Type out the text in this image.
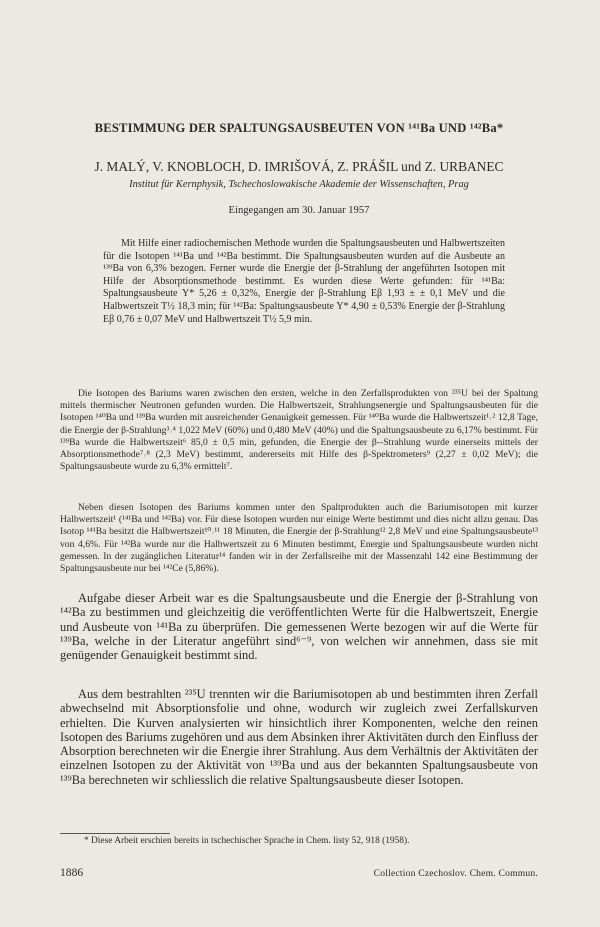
BESTIMMUNG DER SPALTUNGSAUSBEUTEN VON ¹⁴¹Ba UND ¹⁴²Ba*
J. MALÝ, V. KNOBLOCH, D. IMRIŠOVÁ, Z. PRÁŠIL und Z. URBANEC
Institut für Kernphysik, Tschechoslowakische Akademie der Wissenschaften, Prag
Eingegangen am 30. Januar 1957

Mit Hilfe einer radiochemischen Methode wurden die Spaltungsausbeuten und Halbwertszeiten für die Isotopen ¹⁴¹Ba und ¹⁴²Ba bestimmt. Die Spaltungsausbeuten wurden auf die Ausbeute an ¹³⁹Ba von 6,3% bezogen. Ferner wurde die Energie der β-Strahlung der angeführten Isotopen mit Hilfe der Absorptionsmethode bestimmt. Es wurden diese Werte gefunden: für ¹⁴¹Ba: Spaltungsausbeute Y* 5,26 ± 0,32%, Energie der β-Strahlung Eβ 1,93 ± ± 0,1 MeV und die Halbwertszeit T½ 18,3 min; für ¹⁴²Ba: Spaltungsausbeute Y* 4,90 ± 0,53% Energie der β-Strahlung Eβ 0,76 ± 0,07 MeV und Halbwertszeit T½ 5,9 min.

Die Isotopen des Bariums waren zwischen den ersten, welche in den Zerfallsprodukten von ²³⁵U bei der Spaltung mittels thermischer Neutronen gefunden wurden. Die Halbwertszeit, Strahlungsenergie und Spaltungsausbeuten für die Isotopen ¹⁴⁰Ba und ¹³⁹Ba wurden mit ausreichender Genauigkeit gemessen. Für ¹⁴⁰Ba wurde die Halbwertszeit¹˒² 12,8 Tage, die Energie der β-Strahlung³˒⁴ 1,022 MeV (60%) und 0,480 MeV (40%) und die Spaltungsausbeute zu 6,17% bestimmt. Für ¹³⁹Ba wurde die Halbwertszeit⁶ 85,0 ± 0,5 min, gefunden, die Energie der β--Strahlung wurde einerseits mittels der Absorptionsmethode⁷˒⁸ (2,3 MeV) bestimmt, andererseits mit Hilfe des β-Spektrometers⁹ (2,27 ± 0,02 MeV); die Spaltungsausbeute wurde zu 6,3% ermittelt⁷.

Neben diesen Isotopen des Bariums kommen unter den Spaltprodukten auch die Bariumisotopen mit kurzer Halbwertszeit¹ (¹⁴¹Ba und ¹⁴²Ba) vor. Für diese Isotopen wurden nur einige Werte bestimmt und dies nicht allzu genau. Das Isotop ¹⁴¹Ba besitzt die Halbwertszeit¹⁰˒¹¹ 18 Minuten, die Energie der β-Strahlung¹² 2,8 MeV und eine Spaltungsausbeute¹³ von 4,6%. Für ¹⁴²Ba wurde nur die Halbwertszeit zu 6 Minuten bestimmt, Energie und Spaltungsausbeute wurden nicht gemessen. In der zugänglichen Literatur¹⁴ fanden wir in der Zerfallsreihe mit der Massenzahl 142 eine Bestimmung der Spaltungsausbeute nur bei ¹⁴²Ce (5,86%).

Aufgabe dieser Arbeit war es die Spaltungsausbeute und die Energie der β-Strahlung von ¹⁴²Ba zu bestimmen und gleichzeitig die veröffentlichten Werte für die Halbwertszeit, Energie und Ausbeute von ¹⁴¹Ba zu überprüfen. Die gemessenen Werte bezogen wir auf die Werte für ¹³⁹Ba, welche in der Literatur angeführt sind⁶⁻⁹, von welchen wir annehmen, dass sie mit genügender Genauigkeit bestimmt sind.

Aus dem bestrahlten ²³⁵U trennten wir die Bariumisotopen ab und bestimmten ihren Zerfall abwechselnd mit Absorptionsfolie und ohne, wodurch wir zugleich zwei Zerfallskurven erhielten. Die Kurven analysierten wir hinsichtlich ihrer Komponenten, welche den reinen Isotopen des Bariums zugehören und aus dem Absinken ihrer Aktivitäten durch den Einfluss der Absorption berechneten wir die Energie ihrer Strahlung. Aus dem Verhältnis der Aktivitäten der einzelnen Isotopen zu der Aktivität von ¹³⁹Ba und aus der bekannten Spaltungsausbeute von ¹³⁹Ba berechneten wir schliesslich die relative Spaltungsausbeute dieser Isotopen.

* Diese Arbeit erschien bereits in tschechischer Sprache in Chem. listy 52, 918 (1958).

1886	Collection Czechoslov. Chem. Commun.
